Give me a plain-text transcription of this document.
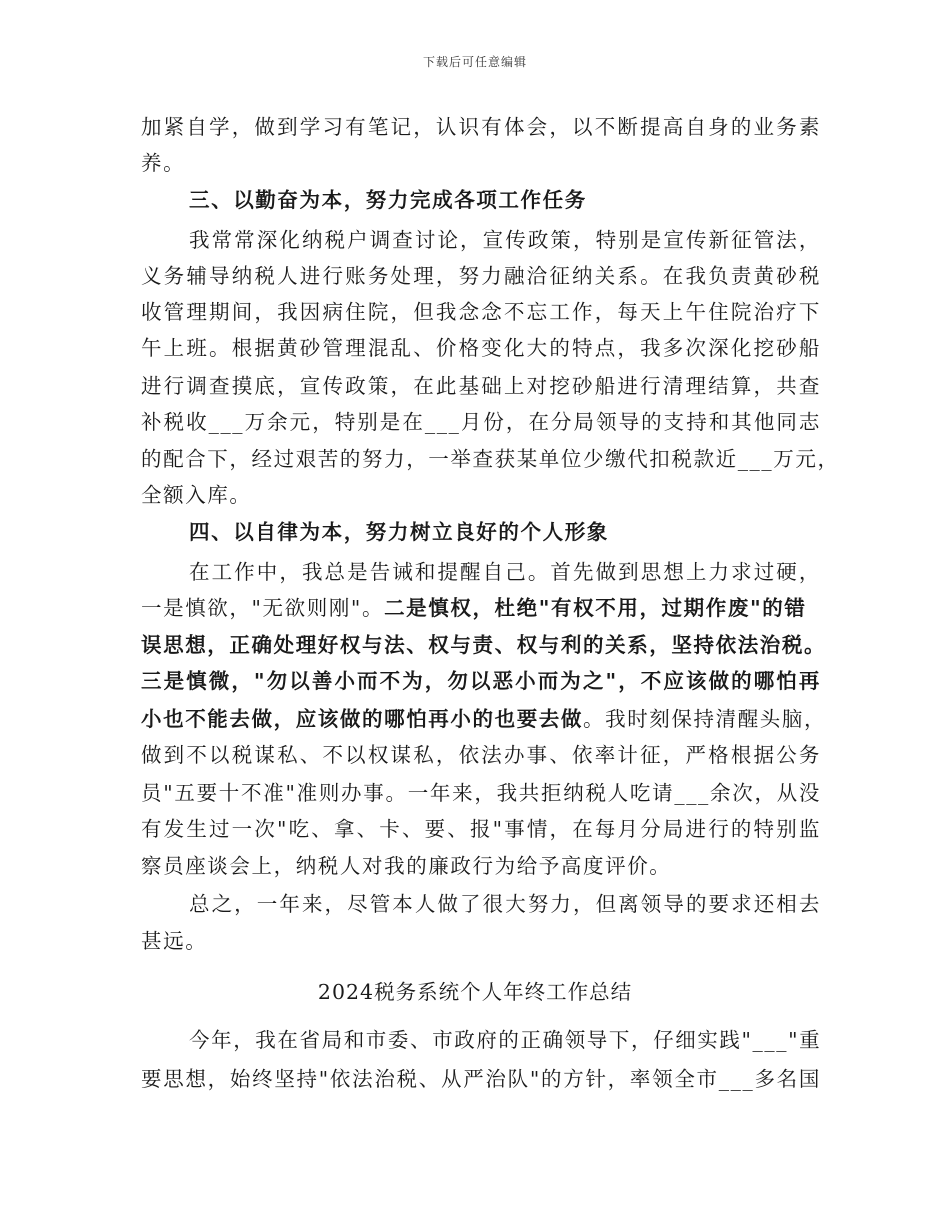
下载后可任意编辑
加紧自学，做到学习有笔记，认识有体会，以不断提高自身的业务素
养。
三、以勤奋为本，努力完成各项工作任务
我常常深化纳税户调查讨论，宣传政策，特别是宣传新征管法，
义务辅导纳税人进行账务处理，努力融洽征纳关系。在我负责黄砂税
收管理期间，我因病住院，但我念念不忘工作，每天上午住院治疗下
午上班。根据黄砂管理混乱、价格变化大的特点，我多次深化挖砂船
进行调查摸底，宣传政策，在此基础上对挖砂船进行清理结算，共查
补税收___万余元，特别是在___月份，在分局领导的支持和其他同志
的配合下，经过艰苦的努力，一举查获某单位少缴代扣税款近___万元，
全额入库。
四、以自律为本，努力树立良好的个人形象
在工作中，我总是告诫和提醒自己。首先做到思想上力求过硬，
一是慎欲，"无欲则刚"。二是慎权，杜绝"有权不用，过期作废"的错
误思想，正确处理好权与法、权与责、权与利的关系，坚持依法治税。
三是慎微，"勿以善小而不为，勿以恶小而为之"，不应该做的哪怕再
小也不能去做，应该做的哪怕再小的也要去做。我时刻保持清醒头脑，
做到不以税谋私、不以权谋私，依法办事、依率计征，严格根据公务
员"五要十不准"准则办事。一年来，我共拒纳税人吃请___余次，从没
有发生过一次"吃、拿、卡、要、报"事情，在每月分局进行的特别监
察员座谈会上，纳税人对我的廉政行为给予高度评价。
总之，一年来，尽管本人做了很大努力，但离领导的要求还相去
甚远。
2024税务系统个人年终工作总结
今年，我在省局和市委、市政府的正确领导下，仔细实践"___"重
要思想，始终坚持"依法治税、从严治队"的方针，率领全市___多名国
